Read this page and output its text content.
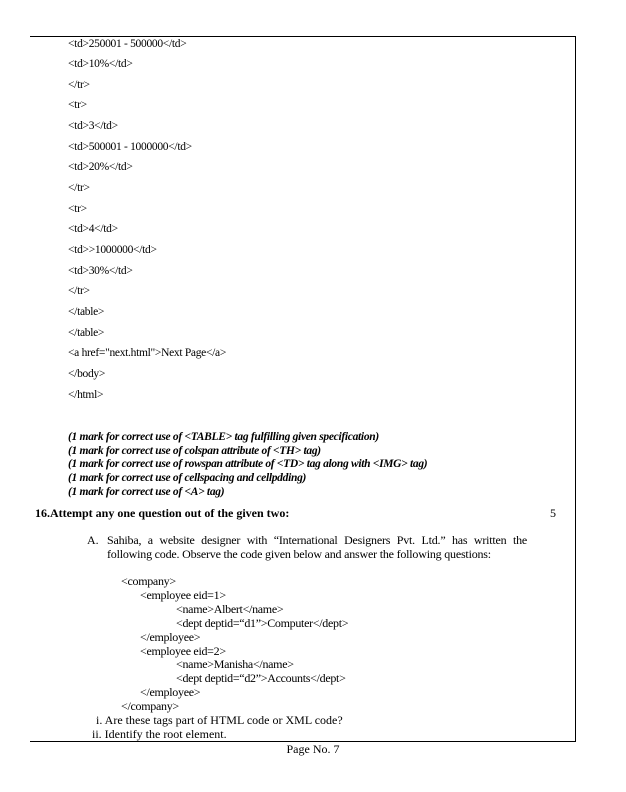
<td>250001 - 500000</td>
<td>10%</td>
</tr>
<tr>
<td>3</td>
<td>500001 - 1000000</td>
<td>20%</td>
</tr>
<tr>
<td>4</td>
<td>>1000000</td>
<td>30%</td>
</tr>
</table>
</table>
<a href="next.html">Next Page</a>
</body>
</html>
(1 mark for correct use of <TABLE> tag fulfilling given specification)
(1 mark for correct use of colspan attribute of <TH> tag)
(1 mark for correct use of rowspan attribute of <TD> tag along with <IMG> tag)
(1 mark for correct use of cellspacing and cellpdding)
(1 mark for correct use of <A> tag)
16.Attempt any one question out of the given two:	5
A. Sahiba, a website designer with “International Designers Pvt. Ltd.” has written the following code. Observe the code given below and answer the following questions:
<company>
<employee eid=1>
<name>Albert</name>
<dept deptid=“d1”>Computer</dept>
</employee>
<employee eid=2>
<name>Manisha</name>
<dept deptid=“d2”>Accounts</dept>
</employee>
</company>
i. Are these tags part of HTML code or XML code?
ii. Identify the root element.
Page No. 7
